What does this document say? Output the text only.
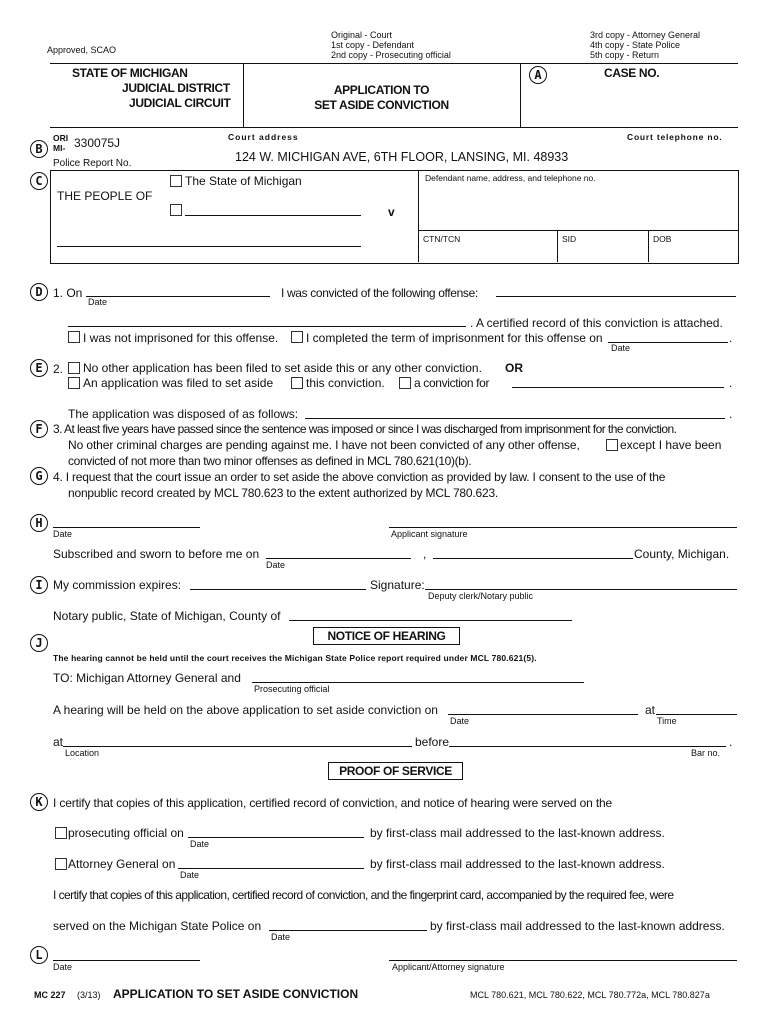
Approved, SCAO
Original - Court
1st copy - Defendant
2nd copy - Prosecuting official
3rd copy - Attorney General
4th copy - State Police
5th copy - Return
STATE OF MICHIGAN
JUDICIAL DISTRICT
JUDICIAL CIRCUIT
APPLICATION TO
SET ASIDE CONVICTION
A	CASE NO.
B
ORI
MI- 330075J	Court address	Court telephone no.
124 W. MICHIGAN AVE, 6TH FLOOR, LANSING, MI. 48933
Police Report No.
C	The State of Michigan
THE PEOPLE OF
v
Defendant name, address, and telephone no.
CTN/TCN	SID	DOB
D 1. On
Date
I was convicted of the following offense:
. A certified record of this conviction is attached.
I was not imprisoned for this offense. I completed the term of imprisonment for this offense on	.
Date
E 2. No other application has been filed to set aside this or any other conviction. OR
An application was filed to set aside	this conviction. a conviction for	.
The application was disposed of as follows:	.
F 3. At least five years have passed since the sentence was imposed or since I was discharged from imprisonment for the conviction.
No other criminal charges are pending against me. I have not been convicted of any other offense,	except I have been
convicted of not more than two minor offenses as defined in MCL 780.621(10)(b).
G 4. I request that the court issue an order to set aside the above conviction as provided by law. I consent to the use of the
nonpublic record created by MCL 780.623 to the extent authorized by MCL 780.623.
H
Date	Applicant signature
Subscribed and sworn to before me on	,	County, Michigan.
Date
I My commission expires:	Signature:
Deputy clerk/Notary public
Notary public, State of Michigan, County of
J	NOTICE OF HEARING
The hearing cannot be held until the court receives the Michigan State Police report required under MCL 780.621(5).
TO: Michigan Attorney General and
Prosecuting official
A hearing will be held on the above application to set aside conviction on	at
Date	Time
at	before	.
Location	Bar no.
PROOF OF SERVICE
K I certify that copies of this application, certified record of conviction, and notice of hearing were served on the
prosecuting official on
Date
by first-class mail addressed to the last-known address.
Attorney General on
Date
by first-class mail addressed to the last-known address.
I certify that copies of this application, certified record of conviction, and the fingerprint card, accompanied by the required fee, were
served on the Michigan State Police on
Date
by first-class mail addressed to the last-known address.
L
Date	Applicant/Attorney signature
MC 227 (3/13) APPLICATION TO SET ASIDE CONVICTION	MCL 780.621, MCL 780.622, MCL 780.772a, MCL 780.827a
